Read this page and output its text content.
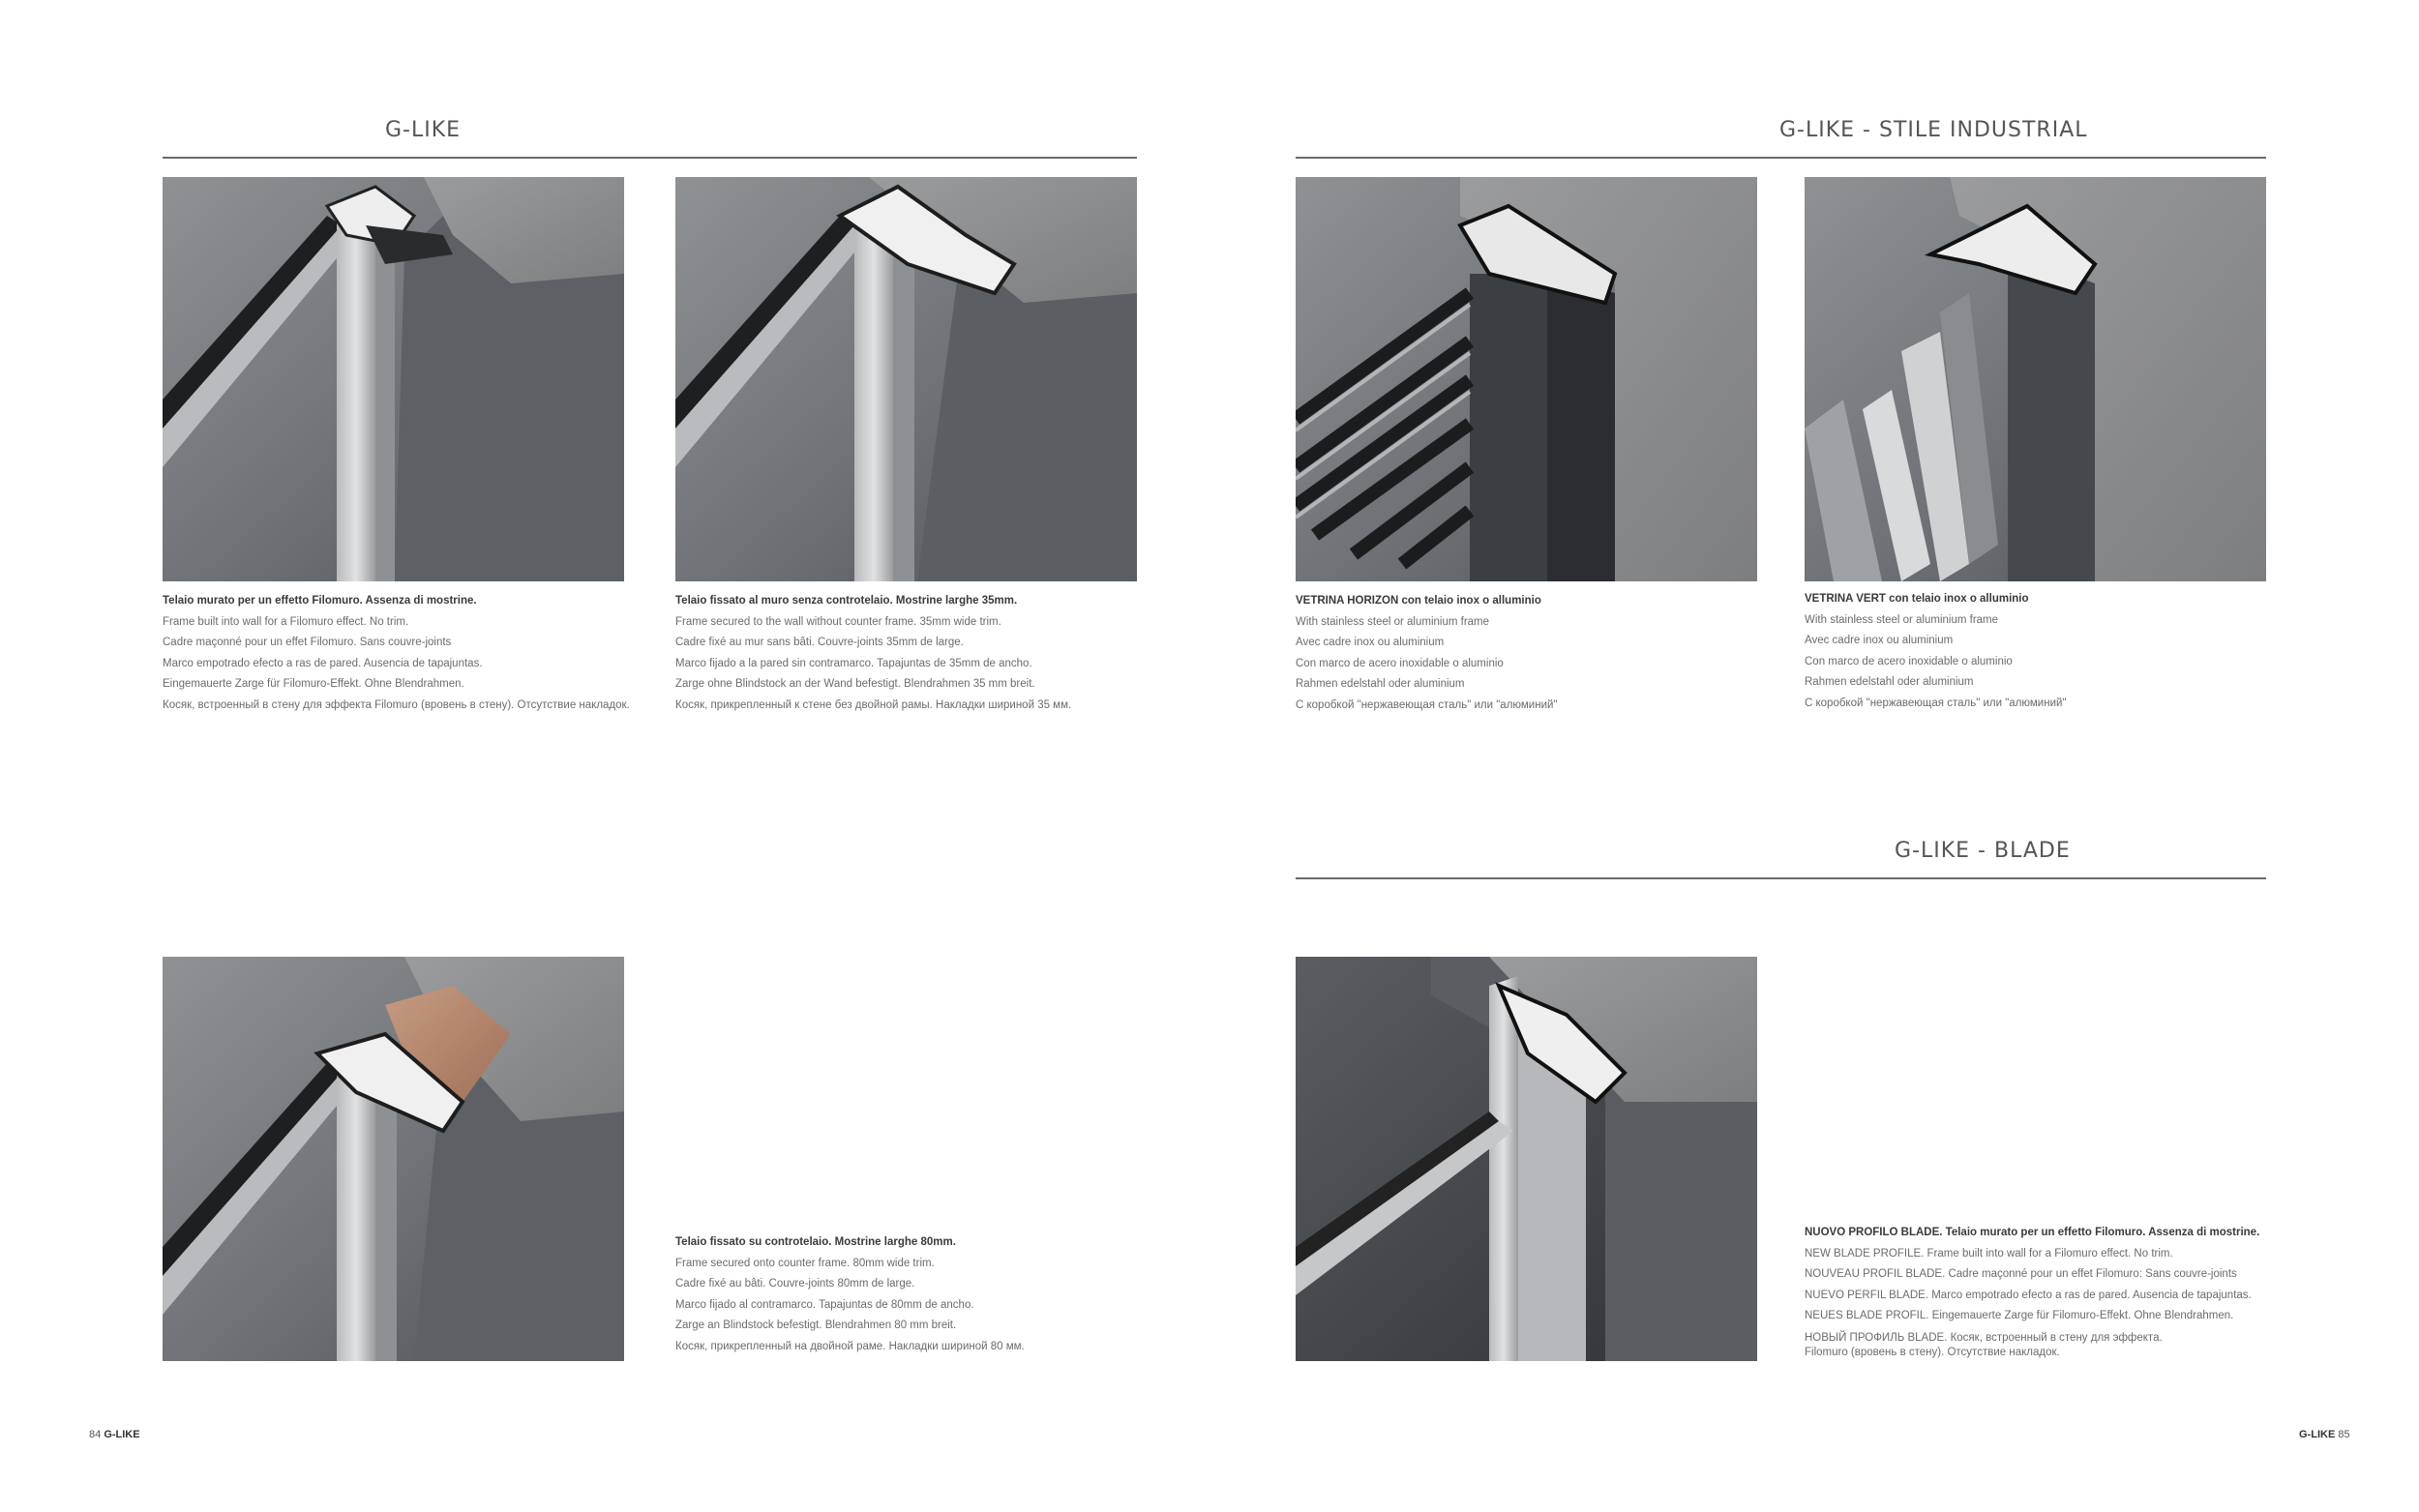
G-LIKE	G-LIKE - STILE INDUSTRIAL
G-LIKE - BLADE
Telaio murato per un effetto Filomuro. Assenza di mostrine.
Frame built into wall for a Filomuro effect. No trim.
Cadre maçonné pour un effet Filomuro. Sans couvre-joints
Marco empotrado efecto a ras de pared. Ausencia de tapajuntas.
Eingemauerte Zarge für Filomuro-Effekt. Ohne Blendrahmen.
Косяк, встроенный в стену для эффекта Filomuro (вровень в стену). Отсутствие накладок.
Telaio fissato al muro senza controtelaio. Mostrine larghe 35mm.
Frame secured to the wall without counter frame. 35mm wide trim.
Cadre fixé au mur sans bâti. Couvre-joints 35mm de large.
Marco fijado a la pared sin contramarco. Tapajuntas de 35mm de ancho.
Zarge ohne Blindstock an der Wand befestigt. Blendrahmen 35 mm breit.
Косяк, прикрепленный к стене без двойной рамы. Накладки шириной 35 мм.
VETRINA HORIZON con telaio inox o alluminio
With stainless steel or aluminium frame
Avec cadre inox ou aluminium
Con marco de acero inoxidable o aluminio
Rahmen edelstahl oder aluminium
С коробкой "нержавеющая сталь" или "алюминий"
VETRINA VERT con telaio inox o alluminio
With stainless steel or aluminium frame
Avec cadre inox ou aluminium
Con marco de acero inoxidable o aluminio
Rahmen edelstahl oder aluminium
С коробкой "нержавеющая сталь" или "алюминий"
Telaio fissato su controtelaio. Mostrine larghe 80mm.
Frame secured onto counter frame. 80mm wide trim.
Cadre fixé au bâti. Couvre-joints 80mm de large.
Marco fijado al contramarco. Tapajuntas de 80mm de ancho.
Zarge an Blindstock befestigt. Blendrahmen 80 mm breit.
Косяк, прикрепленный на двойной раме. Накладки шириной 80 мм.
NUOVO PROFILO BLADE. Telaio murato per un effetto Filomuro. Assenza di mostrine.
NEW BLADE PROFILE. Frame built into wall for a Filomuro effect. No trim.
NOUVEAU PROFIL BLADE. Cadre maçonné pour un effet Filomuro: Sans couvre-joints
NUEVO PERFIL BLADE. Marco empotrado efecto a ras de pared. Ausencia de tapajuntas.
NEUES BLADE PROFIL. Eingemauerte Zarge für Filomuro-Effekt. Ohne Blendrahmen.
НОВЫЙ ПРОФИЛЬ BLADE. Косяк, встроенный в стену для эффекта.
Filomuro (вровень в стену). Отсутствие накладок.
84 G-LIKE	G-LIKE 85
